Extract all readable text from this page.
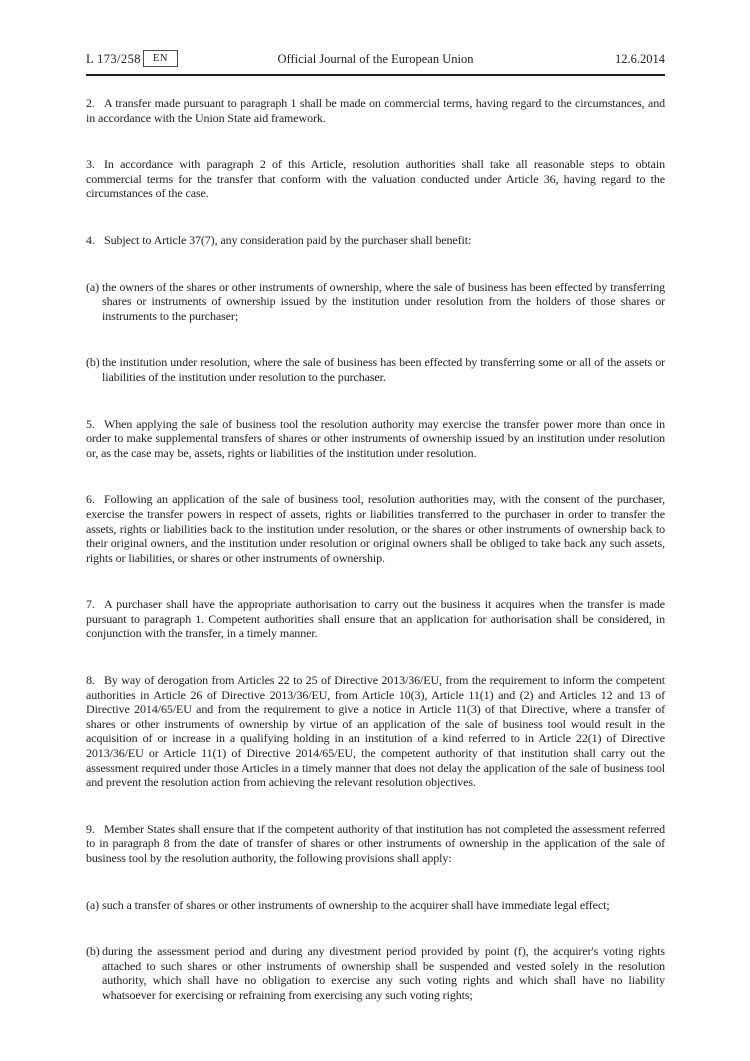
L 173/258	EN	Official Journal of the European Union	12.6.2014

2. A transfer made pursuant to paragraph 1 shall be made on commercial terms, having regard to the circumstances, and in accordance with the Union State aid framework.

3. In accordance with paragraph 2 of this Article, resolution authorities shall take all reasonable steps to obtain commercial terms for the transfer that conform with the valuation conducted under Article 36, having regard to the circumstances of the case.

4. Subject to Article 37(7), any consideration paid by the purchaser shall benefit:

(a) the owners of the shares or other instruments of ownership, where the sale of business has been effected by transferring shares or instruments of ownership issued by the institution under resolution from the holders of those shares or instruments to the purchaser;

(b) the institution under resolution, where the sale of business has been effected by transferring some or all of the assets or liabilities of the institution under resolution to the purchaser.

5. When applying the sale of business tool the resolution authority may exercise the transfer power more than once in order to make supplemental transfers of shares or other instruments of ownership issued by an institution under resolution or, as the case may be, assets, rights or liabilities of the institution under resolution.

6. Following an application of the sale of business tool, resolution authorities may, with the consent of the purchaser, exercise the transfer powers in respect of assets, rights or liabilities transferred to the purchaser in order to transfer the assets, rights or liabilities back to the institution under resolution, or the shares or other instruments of ownership back to their original owners, and the institution under resolution or original owners shall be obliged to take back any such assets, rights or liabilities, or shares or other instruments of ownership.

7. A purchaser shall have the appropriate authorisation to carry out the business it acquires when the transfer is made pursuant to paragraph 1. Competent authorities shall ensure that an application for authorisation shall be considered, in conjunction with the transfer, in a timely manner.

8. By way of derogation from Articles 22 to 25 of Directive 2013/36/EU, from the requirement to inform the competent authorities in Article 26 of Directive 2013/36/EU, from Article 10(3), Article 11(1) and (2) and Articles 12 and 13 of Directive 2014/65/EU and from the requirement to give a notice in Article 11(3) of that Directive, where a transfer of shares or other instruments of ownership by virtue of an application of the sale of business tool would result in the acquisition of or increase in a qualifying holding in an institution of a kind referred to in Article 22(1) of Directive 2013/36/EU or Article 11(1) of Directive 2014/65/EU, the competent authority of that institution shall carry out the assessment required under those Articles in a timely manner that does not delay the application of the sale of business tool and prevent the resolution action from achieving the relevant resolution objectives.

9. Member States shall ensure that if the competent authority of that institution has not completed the assessment referred to in paragraph 8 from the date of transfer of shares or other instruments of ownership in the application of the sale of business tool by the resolution authority, the following provisions shall apply:

(a) such a transfer of shares or other instruments of ownership to the acquirer shall have immediate legal effect;

(b) during the assessment period and during any divestment period provided by point (f), the acquirer's voting rights attached to such shares or other instruments of ownership shall be suspended and vested solely in the resolution authority, which shall have no obligation to exercise any such voting rights and which shall have no liability whatsoever for exercising or refraining from exercising any such voting rights;
